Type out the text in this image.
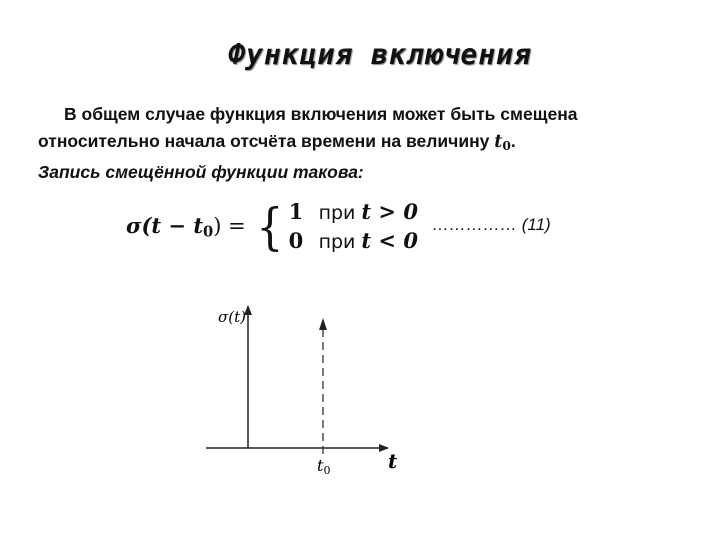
Функция включения
В общем случае функция включения может быть смещена
относительно начала отсчёта времени на величину $t_0$.
Запись смещённой функции такова:
$\sigma(t - t_0)$ = { 1 при t > 0
0 при t < 0
…………… (11)
σ(t)
t
t0
